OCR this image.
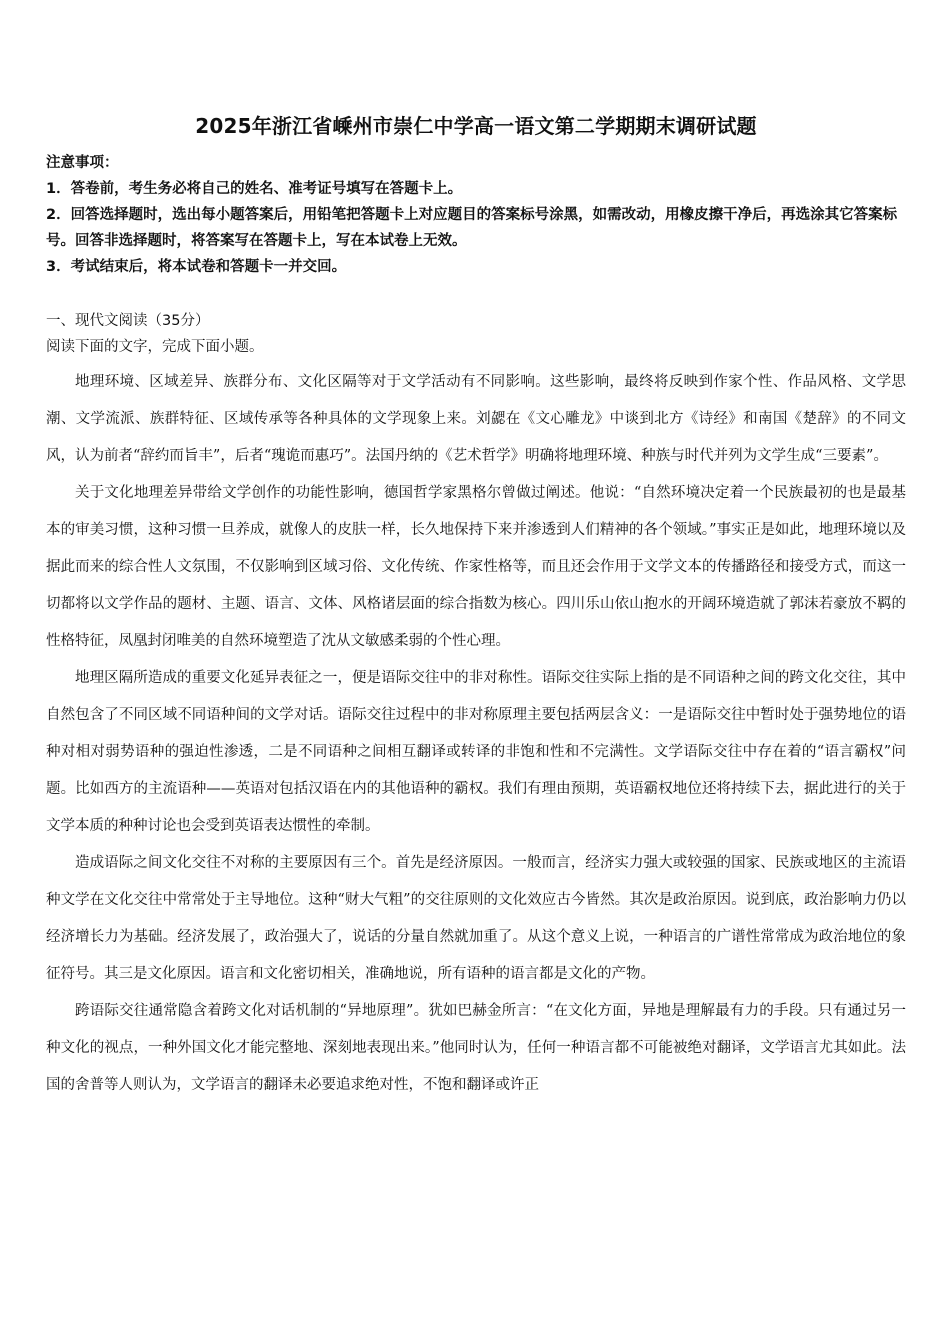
2025年浙江省嵊州市崇仁中学高一语文第二学期期末调研试题

注意事项：

1．答卷前，考生务必将自己的姓名、准考证号填写在答题卡上。

2．回答选择题时，选出每小题答案后，用铅笔把答题卡上对应题目的答案标号涂黑，如需改动，用橡皮擦干净后，再选涂其它答案标号。回答非选择题时，将答案写在答题卡上，写在本试卷上无效。

3．考试结束后，将本试卷和答题卡一并交回。

一、现代文阅读（35分）
阅读下面的文字，完成下面小题。

地理环境、区域差异、族群分布、文化区隔等对于文学活动有不同影响。这些影响，最终将反映到作家个性、作品风格、文学思潮、文学流派、族群特征、区域传承等各种具体的文学现象上来。刘勰在《文心雕龙》中谈到北方《诗经》和南国《楚辞》的不同文风，认为前者“辞约而旨丰”，后者“瑰诡而惠巧”。法国丹纳的《艺术哲学》明确将地理环境、种族与时代并列为文学生成“三要素”。

关于文化地理差异带给文学创作的功能性影响，德国哲学家黑格尔曾做过阐述。他说：“自然环境决定着一个民族最初的也是最基本的审美习惯，这种习惯一旦养成，就像人的皮肤一样，长久地保持下来并渗透到人们精神的各个领域。”事实正是如此，地理环境以及据此而来的综合性人文氛围，不仅影响到区域习俗、文化传统、作家性格等，而且还会作用于文学文本的传播路径和接受方式，而这一切都将以文学作品的题材、主题、语言、文体、风格诸层面的综合指数为核心。四川乐山依山抱水的开阔环境造就了郭沫若豪放不羁的性格特征，凤凰封闭唯美的自然环境塑造了沈从文敏感柔弱的个性心理。

地理区隔所造成的重要文化延异表征之一，便是语际交往中的非对称性。语际交往实际上指的是不同语种之间的跨文化交往，其中自然包含了不同区域不同语种间的文学对话。语际交往过程中的非对称原理主要包括两层含义：一是语际交往中暂时处于强势地位的语种对相对弱势语种的强迫性渗透，二是不同语种之间相互翻译或转译的非饱和性和不完满性。文学语际交往中存在着的“语言霸权”问题。比如西方的主流语种——英语对包括汉语在内的其他语种的霸权。我们有理由预期，英语霸权地位还将持续下去，据此进行的关于文学本质的种种讨论也会受到英语表达惯性的牵制。

造成语际之间文化交往不对称的主要原因有三个。首先是经济原因。一般而言，经济实力强大或较强的国家、民族或地区的主流语种文学在文化交往中常常处于主导地位。这种“财大气粗”的交往原则的文化效应古今皆然。其次是政治原因。说到底，政治影响力仍以经济增长力为基础。经济发展了，政治强大了，说话的分量自然就加重了。从这个意义上说，一种语言的广谱性常常成为政治地位的象征符号。其三是文化原因。语言和文化密切相关，准确地说，所有语种的语言都是文化的产物。

跨语际交往通常隐含着跨文化对话机制的“异地原理”。犹如巴赫金所言：“在文化方面，异地是理解最有力的手段。只有通过另一种文化的视点，一种外国文化才能完整地、深刻地表现出来。”他同时认为，任何一种语言都不可能被绝对翻译，文学语言尤其如此。法国的舍普等人则认为，文学语言的翻译未必要追求绝对性，不饱和翻译或许正
